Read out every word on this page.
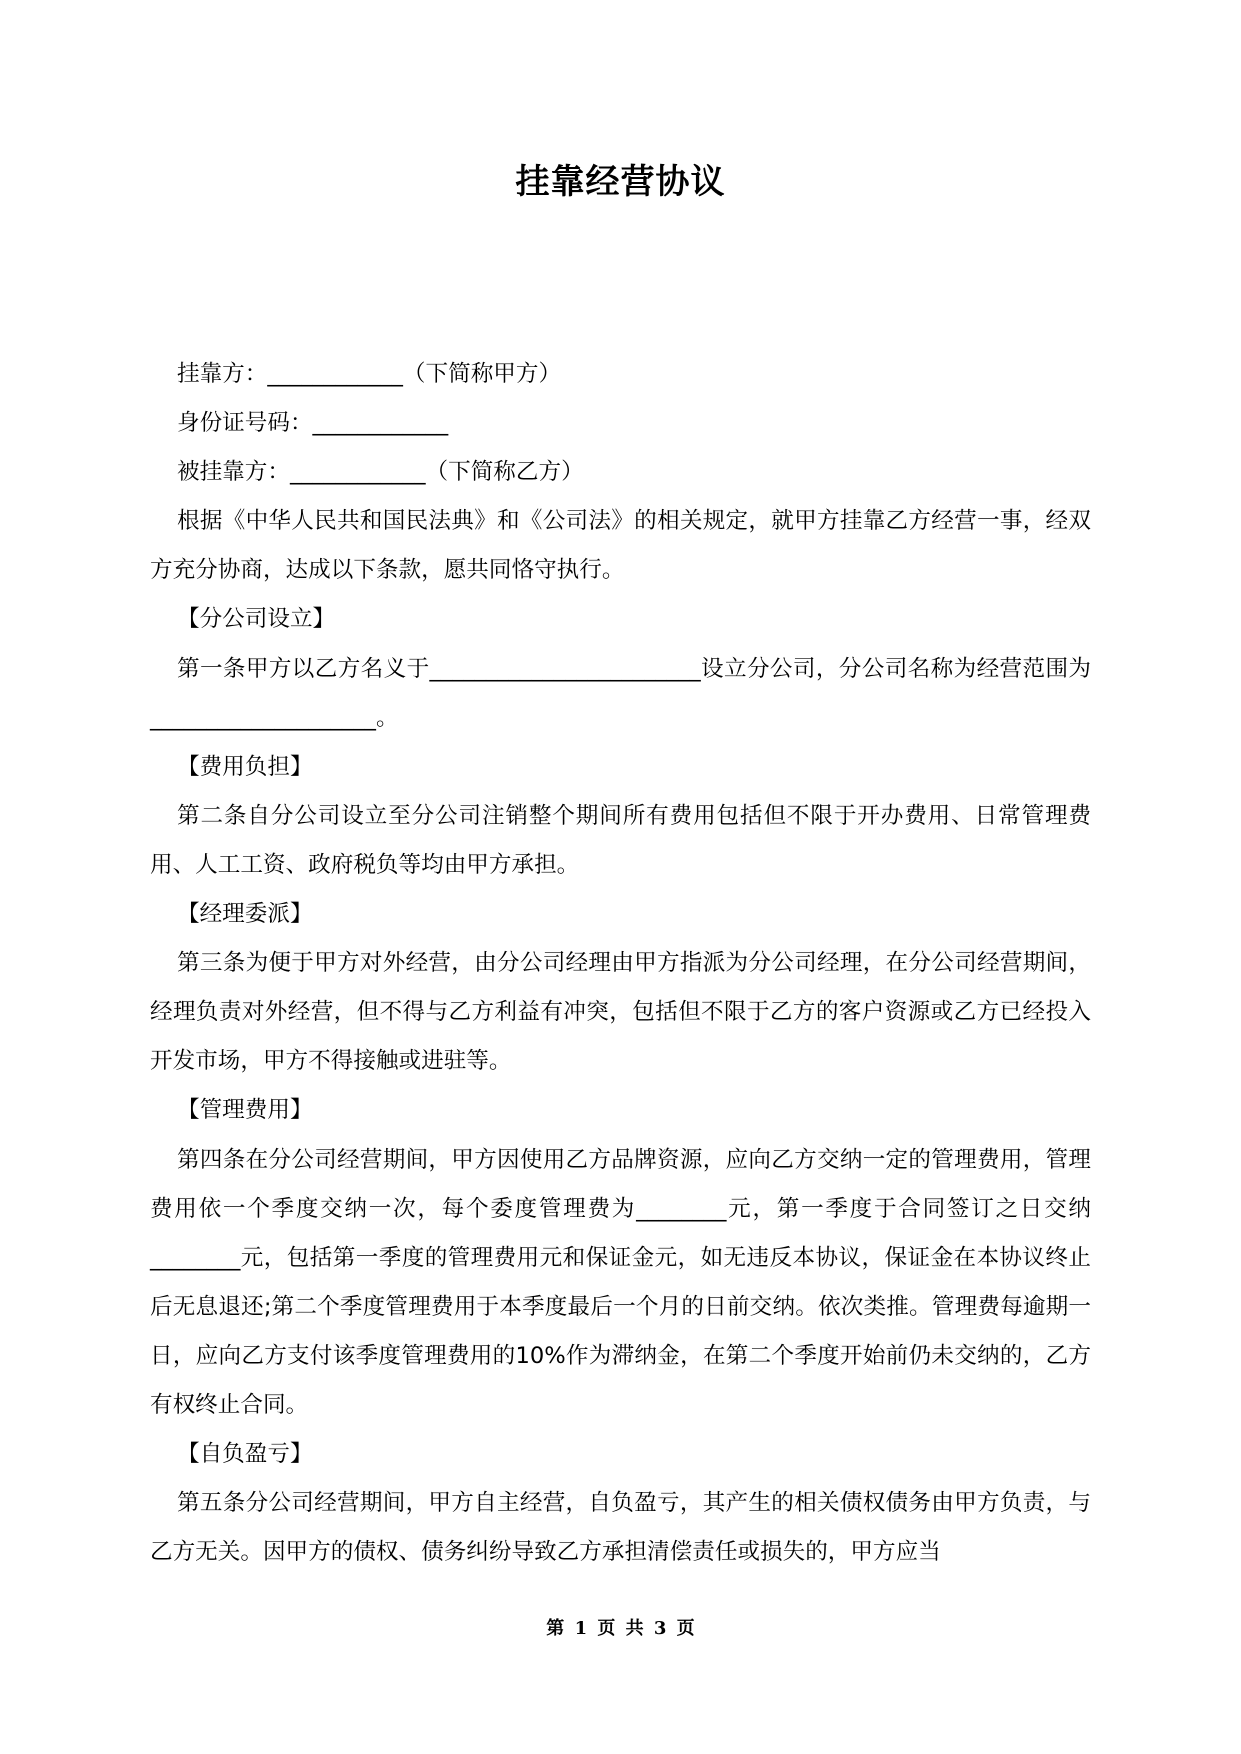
挂靠经营协议

挂靠方：____________（下简称甲方）

身份证号码：____________

被挂靠方：____________（下简称乙方）

根据《中华人民共和国民法典》和《公司法》的相关规定，就甲方挂靠乙方经营一事，经双方充分协商，达成以下条款，愿共同恪守执行。

【分公司设立】

第一条甲方以乙方名义于________________________设立分公司，分公司名称为经营范围为____________________。

【费用负担】

第二条自分公司设立至分公司注销整个期间所有费用包括但不限于开办费用、日常管理费用、人工工资、政府税负等均由甲方承担。

【经理委派】

第三条为便于甲方对外经营，由分公司经理由甲方指派为分公司经理，在分公司经营期间，经理负责对外经营，但不得与乙方利益有冲突，包括但不限于乙方的客户资源或乙方已经投入开发市场，甲方不得接触或进驻等。

【管理费用】

第四条在分公司经营期间，甲方因使用乙方品牌资源，应向乙方交纳一定的管理费用，管理费用依一个季度交纳一次，每个委度管理费为________元，第一季度于合同签订之日交纳________元，包括第一季度的管理费用元和保证金元，如无违反本协议，保证金在本协议终止后无息退还;第二个季度管理费用于本季度最后一个月的日前交纳。依次类推。管理费每逾期一日，应向乙方支付该季度管理费用的10%作为滞纳金，在第二个季度开始前仍未交纳的，乙方有权终止合同。

【自负盈亏】

第五条分公司经营期间，甲方自主经营，自负盈亏，其产生的相关债权债务由甲方负责，与乙方无关。因甲方的债权、债务纠纷导致乙方承担清偿责任或损失的，甲方应当

第 1 页 共 3 页
